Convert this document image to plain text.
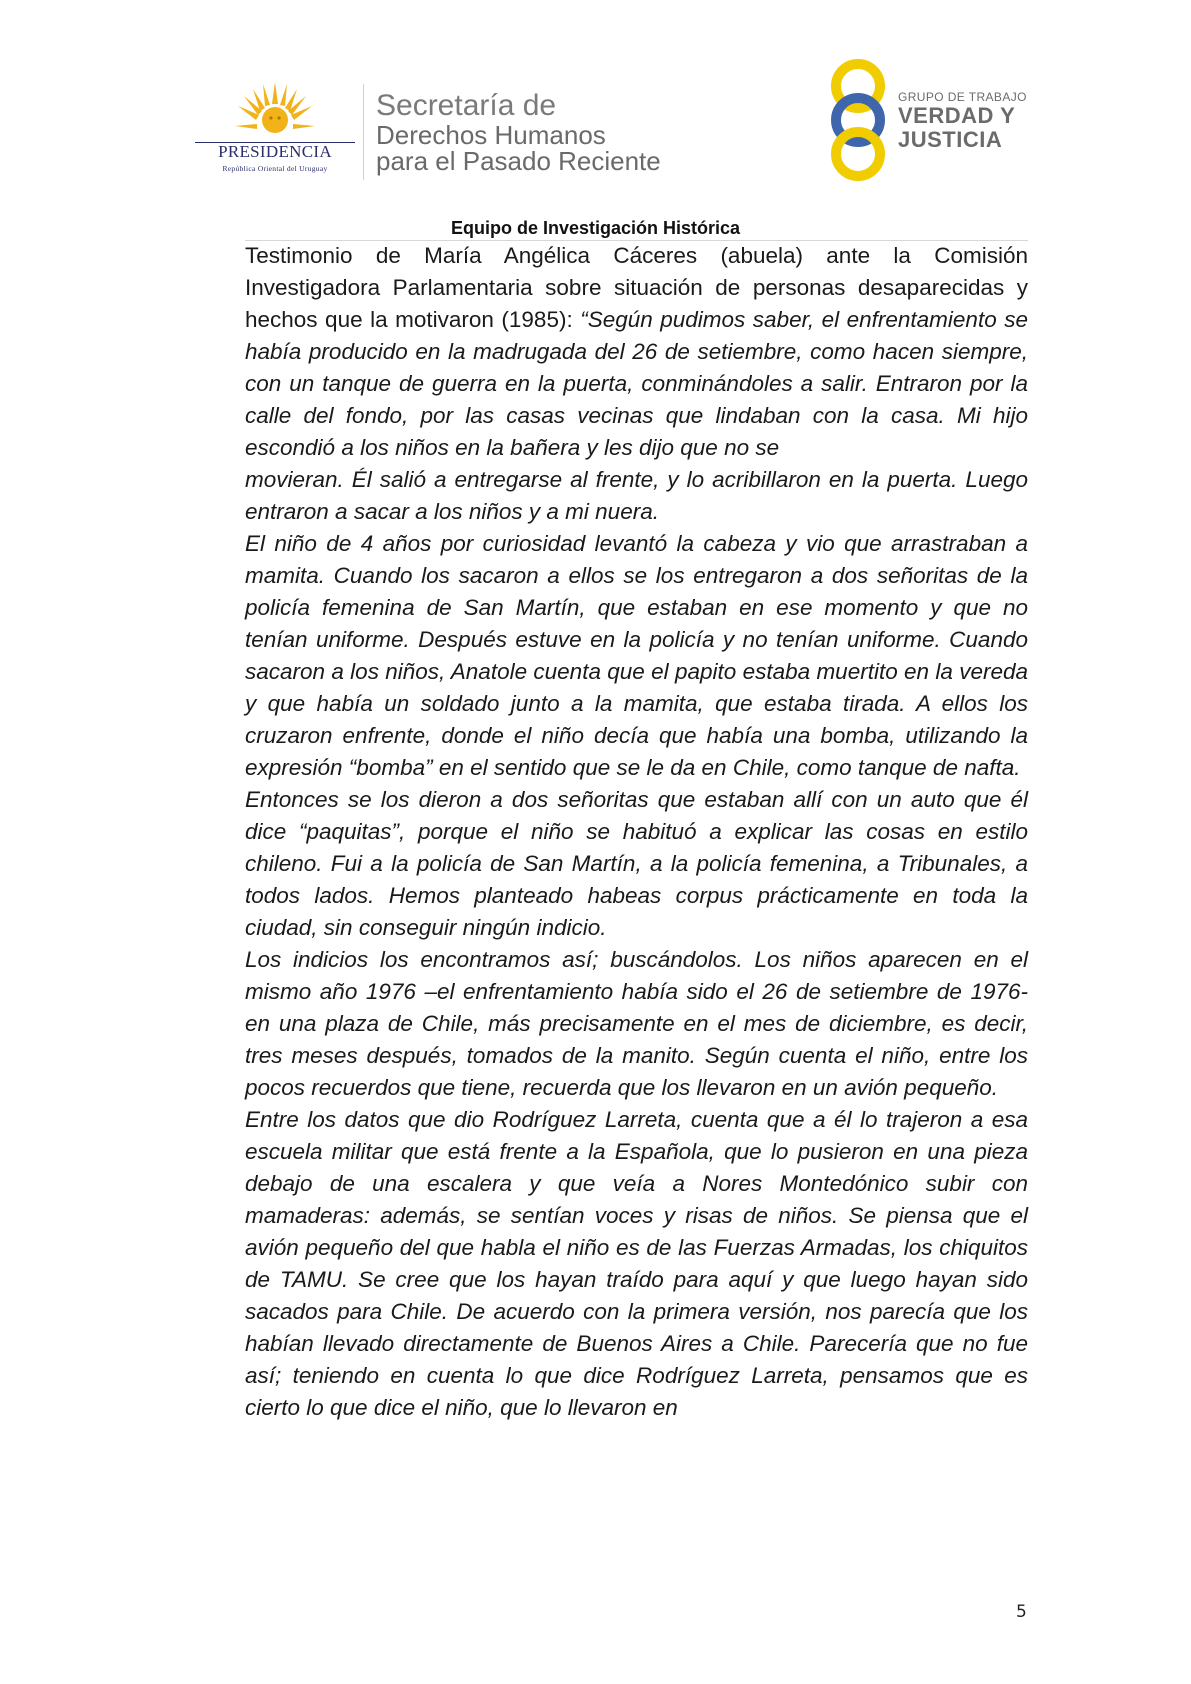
PRESIDENCIA
República Oriental del Uruguay
Secretaría de
Derechos Humanos
para el Pasado Reciente
GRUPO DE TRABAJO
VERDAD Y
JUSTICIA
Equipo de Investigación Histórica

Testimonio de María Angélica Cáceres (abuela) ante la Comisión Investigadora Parlamentaria sobre situación de personas desaparecidas y hechos que la motivaron (1985): “Según pudimos saber, el enfrentamiento se había producido en la madrugada del 26 de setiembre, como hacen siempre, con un tanque de guerra en la puerta, conminándoles a salir. Entraron por la calle del fondo, por las casas vecinas que lindaban con la casa. Mi hijo escondió a los niños en la bañera y les dijo que no se

movieran. Él salió a entregarse al frente, y lo acribillaron en la puerta. Luego entraron a sacar a los niños y a mi nuera.

El niño de 4 años por curiosidad levantó la cabeza y vio que arrastraban a mamita. Cuando los sacaron a ellos se los entregaron a dos señoritas de la policía femenina de San Martín, que estaban en ese momento y que no tenían uniforme. Después estuve en la policía y no tenían uniforme. Cuando sacaron a los niños, Anatole cuenta que el papito estaba muertito en la vereda y que había un soldado junto a la mamita, que estaba tirada. A ellos los cruzaron enfrente, donde el niño decía que había una bomba, utilizando la expresión “bomba” en el sentido que se le da en Chile, como tanque de nafta.

Entonces se los dieron a dos señoritas que estaban allí con un auto que él dice “paquitas”, porque el niño se habituó a explicar las cosas en estilo chileno. Fui a la policía de San Martín, a la policía femenina, a Tribunales, a todos lados. Hemos planteado habeas corpus prácticamente en toda la ciudad, sin conseguir ningún indicio.

Los indicios los encontramos así; buscándolos. Los niños aparecen en el mismo año 1976 –el enfrentamiento había sido el 26 de setiembre de 1976- en una plaza de Chile, más precisamente en el mes de diciembre, es decir, tres meses después, tomados de la manito. Según cuenta el niño, entre los pocos recuerdos que tiene, recuerda que los llevaron en un avión pequeño.

Entre los datos que dio Rodríguez Larreta, cuenta que a él lo trajeron a esa escuela militar que está frente a la Española, que lo pusieron en una pieza debajo de una escalera y que veía a Nores Montedónico subir con mamaderas: además, se sentían voces y risas de niños. Se piensa que el avión pequeño del que habla el niño es de las Fuerzas Armadas, los chiquitos de TAMU. Se cree que los hayan traído para aquí y que luego hayan sido sacados para Chile. De acuerdo con la primera versión, nos parecía que los habían llevado directamente de Buenos Aires a Chile. Parecería que no fue así; teniendo en cuenta lo que dice Rodríguez Larreta, pensamos que es cierto lo que dice el niño, que lo llevaron en

5
